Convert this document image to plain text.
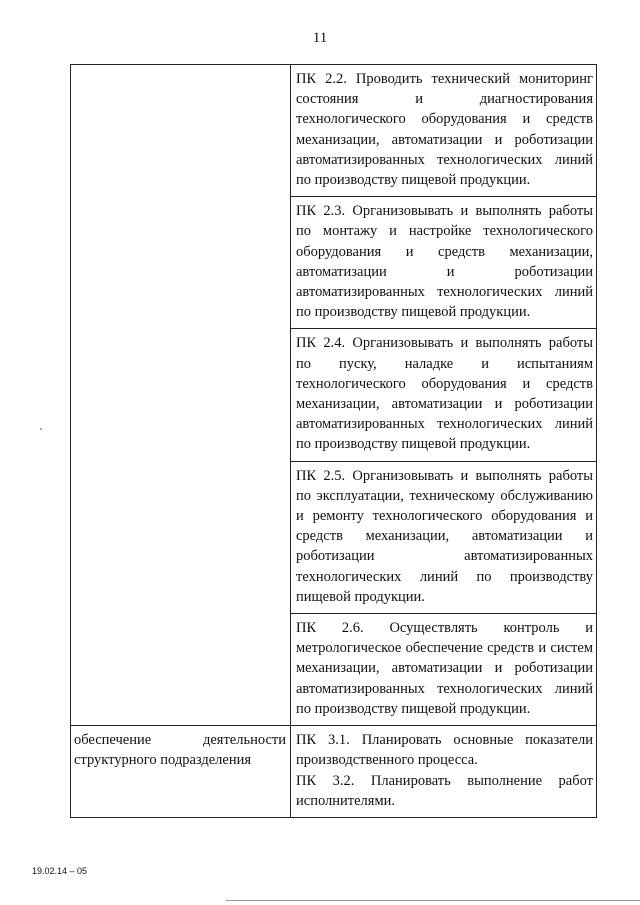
11

	ПК 2.2. Проводить технический мониторинг состояния и диагностирования технологического оборудования и средств механизации, автоматизации и роботизации автоматизированных технологических линий по производству пищевой продукции.

	ПК 2.3. Организовывать и выполнять работы по монтажу и настройке технологического оборудования и средств механизации, автоматизации и роботизации автоматизированных технологических линий по производству пищевой продукции.

	ПК 2.4. Организовывать и выполнять работы по пуску, наладке и испытаниям технологического оборудования и средств механизации, автоматизации и роботизации автоматизированных технологических линий по производству пищевой продукции.

	ПК 2.5. Организовывать и выполнять работы по эксплуатации, техническому обслуживанию и ремонту технологического оборудования и средств механизации, автоматизации и роботизации автоматизированных технологических линий по производству пищевой продукции.

	ПК 2.6. Осуществлять контроль и метрологическое обеспечение средств и систем механизации, автоматизации и роботизации автоматизированных технологических линий по производству пищевой продукции.

обеспечение деятельности структурного подразделения	ПК 3.1. Планировать основные показатели производственного процесса.

ПК 3.2. Планировать выполнение работ исполнителями.

19.02.14 – 05
